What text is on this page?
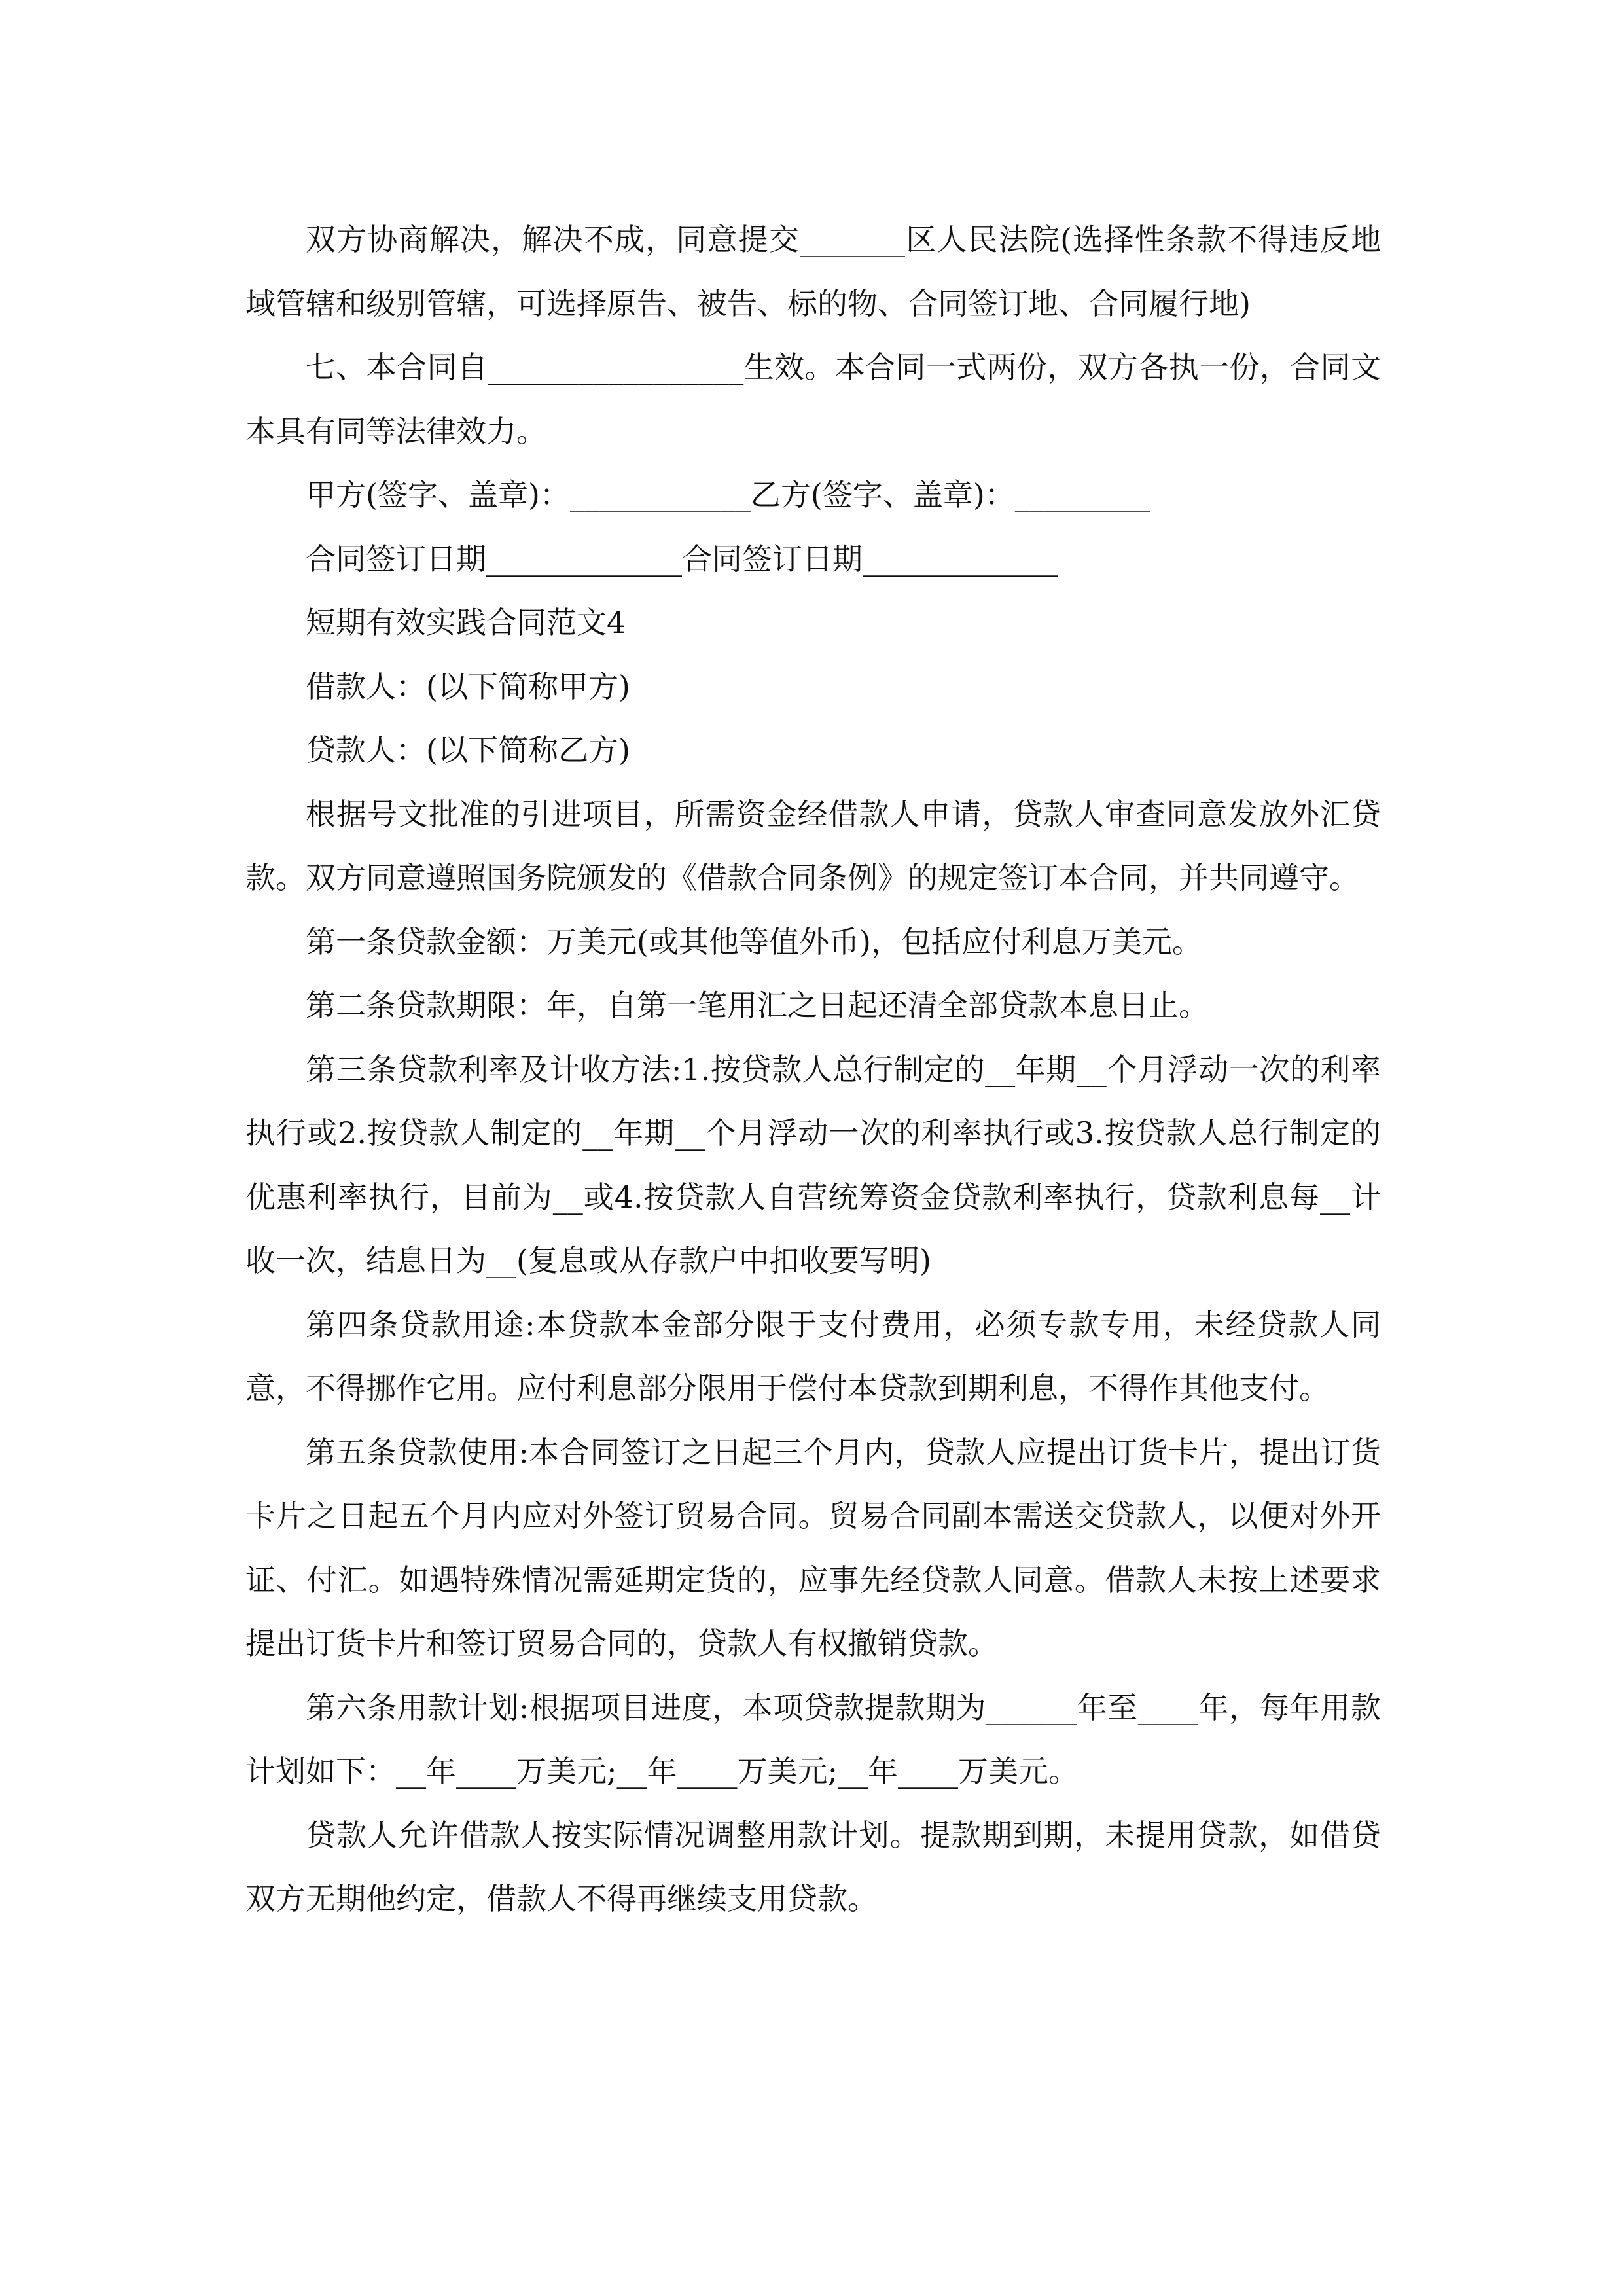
双方协商解决，解决不成，同意提交_______区人民法院(选择性条款不得违反地域管辖和级别管辖，可选择原告、被告、标的物、合同签订地、合同履行地)

七、本合同自_________________生效。本合同一式两份，双方各执一份，合同文本具有同等法律效力。

甲方(签字、盖章)：____________乙方(签字、盖章)：_________

合同签订日期_____________合同签订日期_____________

短期有效实践合同范文4

借款人：(以下简称甲方)

贷款人：(以下简称乙方)

根据号文批准的引进项目，所需资金经借款人申请，贷款人审查同意发放外汇贷款。双方同意遵照国务院颁发的《借款合同条例》的规定签订本合同，并共同遵守。

第一条贷款金额：万美元(或其他等值外币)，包括应付利息万美元。

第二条贷款期限：年，自第一笔用汇之日起还清全部贷款本息日止。

第三条贷款利率及计收方法:1.按贷款人总行制定的__年期__个月浮动一次的利率执行或2.按贷款人制定的__年期__个月浮动一次的利率执行或3.按贷款人总行制定的优惠利率执行，目前为__或4.按贷款人自营统筹资金贷款利率执行，贷款利息每__计收一次，结息日为__(复息或从存款户中扣收要写明)

第四条贷款用途:本贷款本金部分限于支付费用，必须专款专用，未经贷款人同意，不得挪作它用。应付利息部分限用于偿付本贷款到期利息，不得作其他支付。

第五条贷款使用:本合同签订之日起三个月内，贷款人应提出订货卡片，提出订货卡片之日起五个月内应对外签订贸易合同。贸易合同副本需送交贷款人，以便对外开证、付汇。如遇特殊情况需延期定货的，应事先经贷款人同意。借款人未按上述要求提出订货卡片和签订贸易合同的，贷款人有权撤销贷款。

第六条用款计划:根据项目进度，本项贷款提款期为______年至____年，每年用款计划如下：__年____万美元;__年____万美元;__年____万美元。

贷款人允许借款人按实际情况调整用款计划。提款期到期，未提用贷款，如借贷双方无期他约定，借款人不得再继续支用贷款。
